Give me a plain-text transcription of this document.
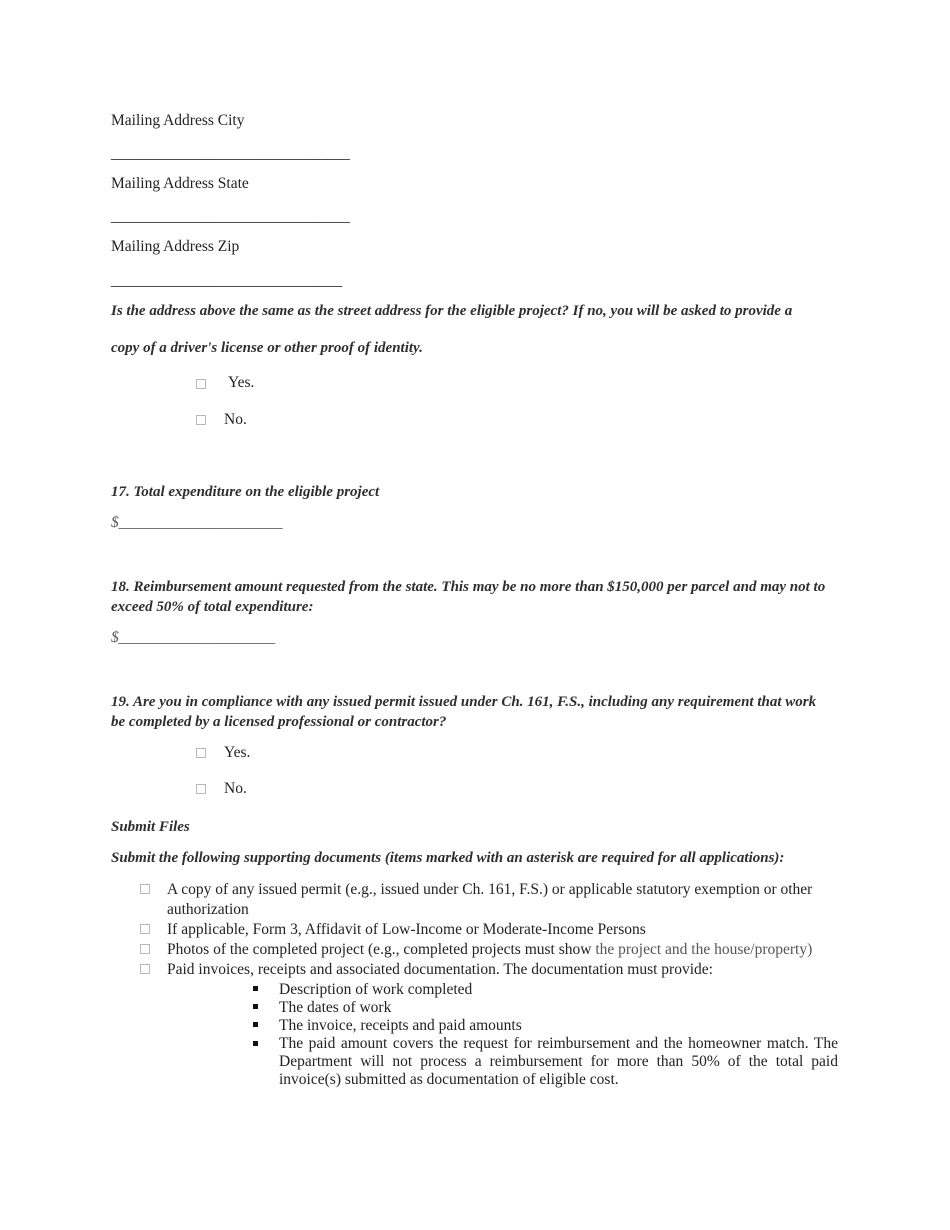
Mailing Address City
________________________________
Mailing Address State
________________________________
Mailing Address Zip
_______________________________
Is the address above the same as the street address for the eligible project? If no, you will be asked to provide a
copy of a driver's license or other proof of identity.
Yes.
No.
17. Total expenditure on the eligible project
$______________________
18. Reimbursement amount requested from the state. This may be no more than $150,000 per parcel and may not to exceed 50% of total expenditure:
$_____________________
19. Are you in compliance with any issued permit issued under Ch. 161, F.S., including any requirement that work be completed by a licensed professional or contractor?
Yes.
No.
Submit Files
Submit the following supporting documents (items marked with an asterisk are required for all applications):
A copy of any issued permit (e.g., issued under Ch. 161, F.S.) or applicable statutory exemption or other authorization
If applicable, Form 3, Affidavit of Low-Income or Moderate-Income Persons
Photos of the completed project (e.g., completed projects must show the project and the house/property)
Paid invoices, receipts and associated documentation. The documentation must provide:
Description of work completed
The dates of work
The invoice, receipts and paid amounts
The paid amount covers the request for reimbursement and the homeowner match. The Department will not process a reimbursement for more than 50% of the total paid invoice(s) submitted as documentation of eligible cost.
